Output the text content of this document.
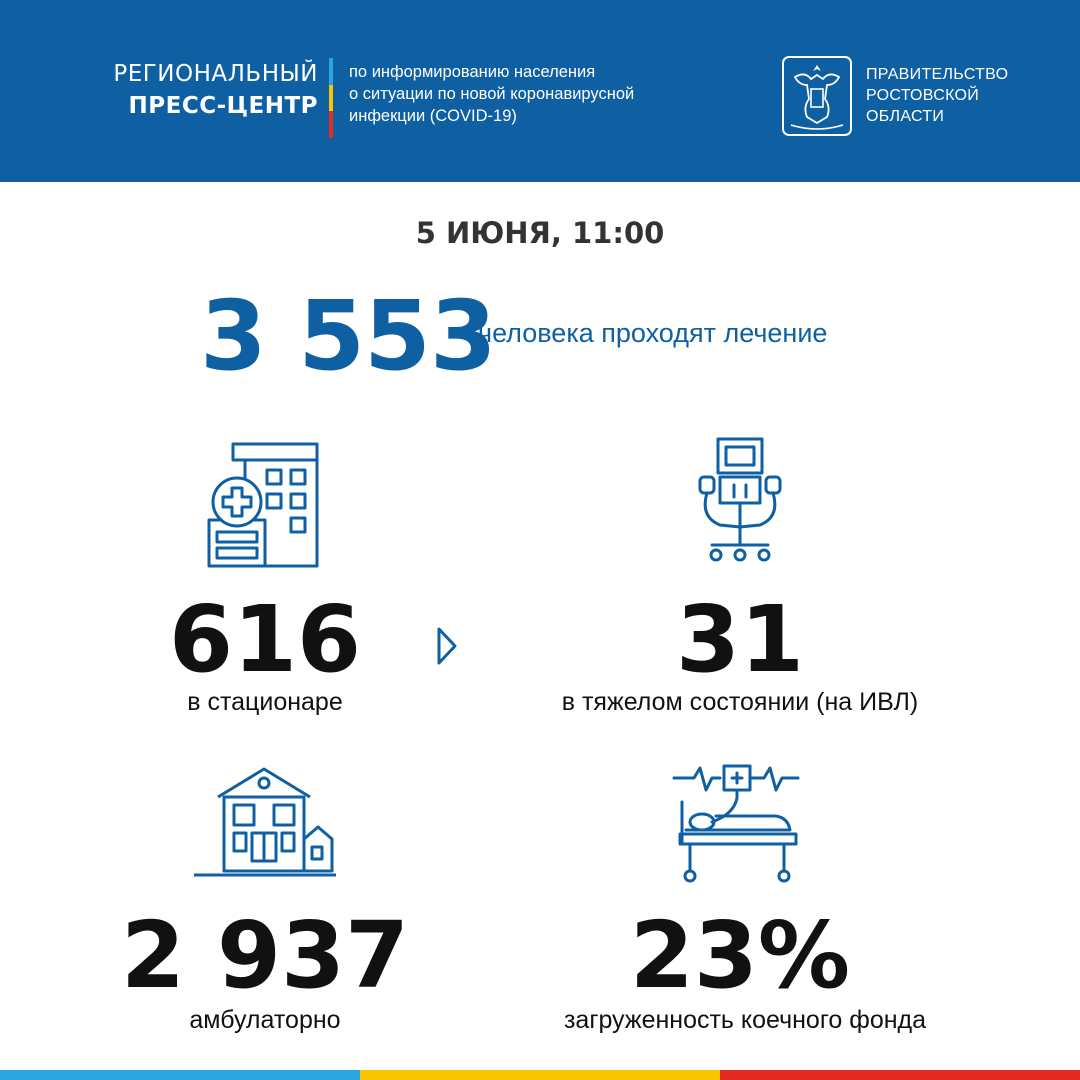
РЕГИОНАЛЬНЫЙ
ПРЕСС-ЦЕНТР
по информированию населения
о ситуации по новой коронавирусной
инфекции (COVID-19)
ПРАВИТЕЛЬСТВО
РОСТОВСКОЙ
ОБЛАСТИ
5 ИЮНЯ, 11:00
3 553
человека проходят лечение
616
в стационаре
31
в тяжелом состоянии (на ИВЛ)
2 937
амбулаторно
23%
загруженность коечного фонда
